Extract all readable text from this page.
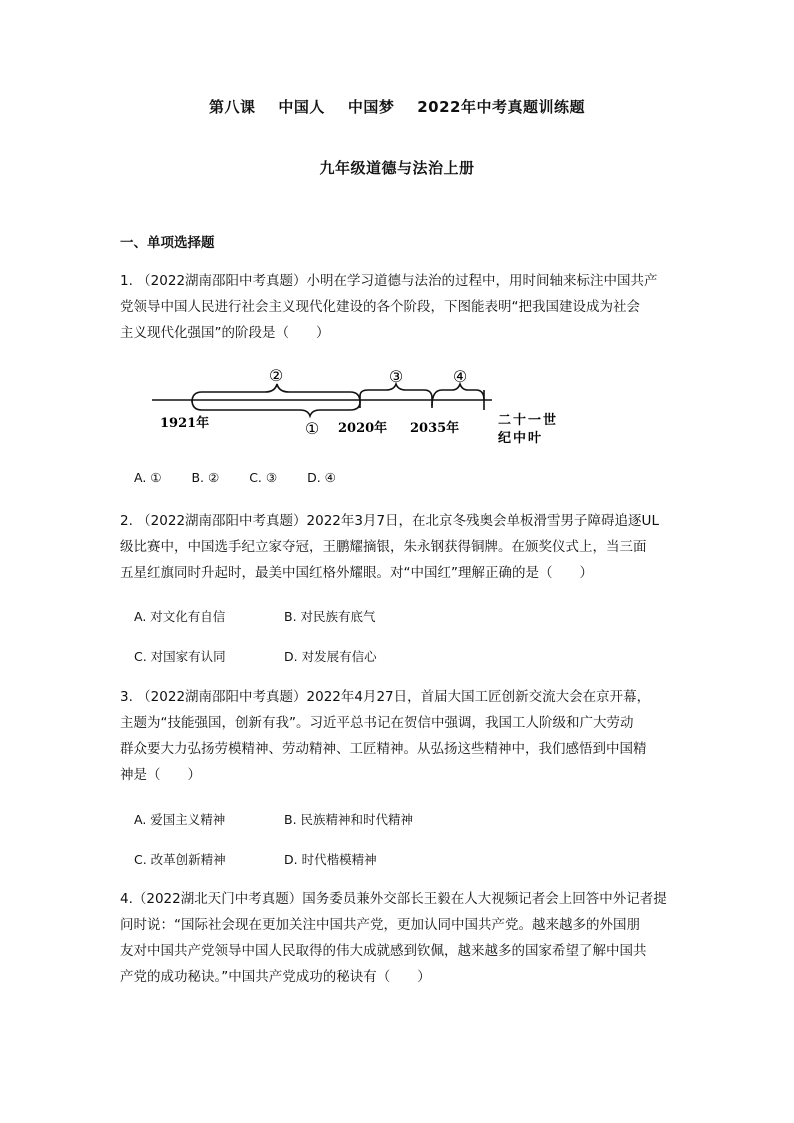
第八课 中国人 中国梦 2022年中考真题训练题
九年级道德与法治上册
一、单项选择题
1. （2022湖南邵阳中考真题）小明在学习道德与法治的过程中，用时间轴来标注中国共产
党领导中国人民进行社会主义现代化建设的各个阶段，下图能表明“把我国建设成为社会
主义现代化强国”的阶段是（　　）
②	③	④
①
1921年	2020年 2035年
二十一世
纪中叶
A. ① B. ② C. ③ D. ④
2. （2022湖南邵阳中考真题）2022年3月7日，在北京冬残奥会单板滑雪男子障碍追逐UL
级比赛中，中国选手纪立家夺冠，王鹏耀摘银，朱永钢获得铜牌。在颁奖仪式上，当三面
五星红旗同时升起时，最美中国红格外耀眼。对“中国红”理解正确的是（　　）
A. 对文化有自信	B. 对民族有底气
C. 对国家有认同	D. 对发展有信心
3. （2022湖南邵阳中考真题）2022年4月27日，首届大国工匠创新交流大会在京开幕，
主题为“技能强国，创新有我”。习近平总书记在贺信中强调，我国工人阶级和广大劳动
群众要大力弘扬劳模精神、劳动精神、工匠精神。从弘扬这些精神中，我们感悟到中国精
神是（　　）
A. 爱国主义精神	B. 民族精神和时代精神
C. 改革创新精神	D. 时代楷模精神
4.（2022湖北天门中考真题）国务委员兼外交部长王毅在人大视频记者会上回答中外记者提
问时说：“国际社会现在更加关注中国共产党，更加认同中国共产党。越来越多的外国朋
友对中国共产党领导中国人民取得的伟大成就感到钦佩，越来越多的国家希望了解中国共
产党的成功秘诀。”中国共产党成功的秘诀有（　　）
